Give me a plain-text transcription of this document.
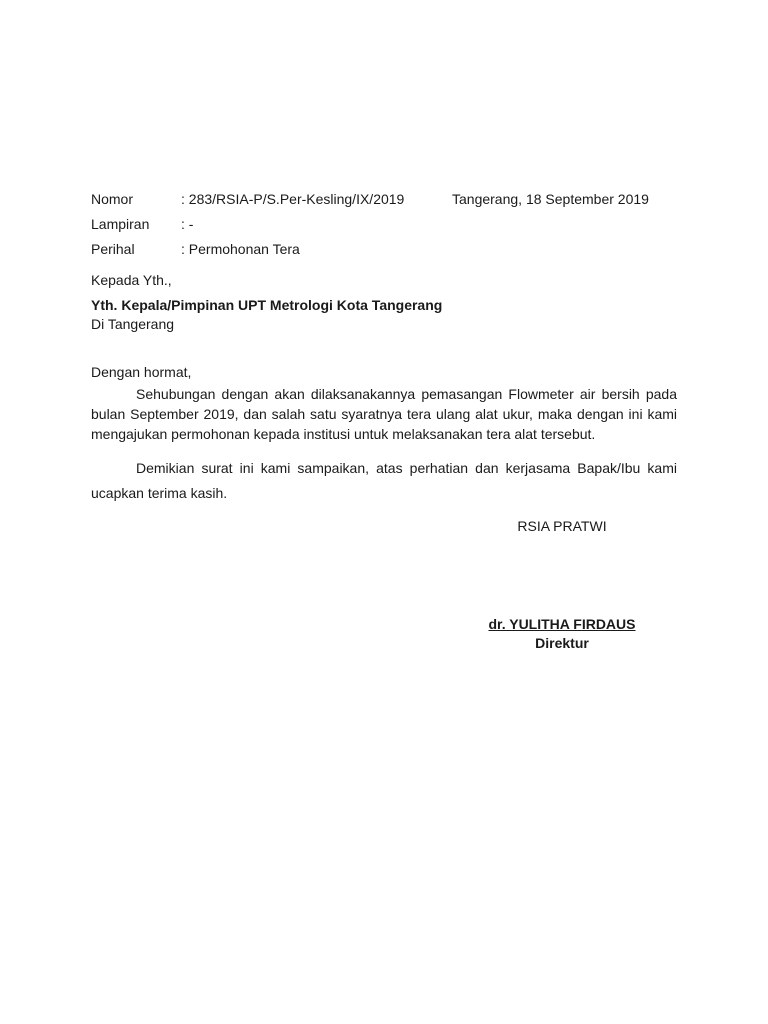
Nomor	: 283/RSIA-P/S.Per-Kesling/IX/2019	Tangerang, 18 September 2019
Lampiran : -
Perihal	: Permohonan Tera
Kepada Yth.,
Yth. Kepala/Pimpinan UPT Metrologi Kota Tangerang
Di Tangerang
Dengan hormat,

Sehubungan dengan akan dilaksanakannya pemasangan Flowmeter air bersih pada bulan September 2019, dan salah satu syaratnya tera ulang alat ukur, maka dengan ini kami mengajukan permohonan kepada institusi untuk melaksanakan tera alat tersebut.

Demikian surat ini kami sampaikan, atas perhatian dan kerjasama Bapak/Ibu kami ucapkan terima kasih.

RSIA PRATWI
dr. YULITHA FIRDAUS
Direktur
